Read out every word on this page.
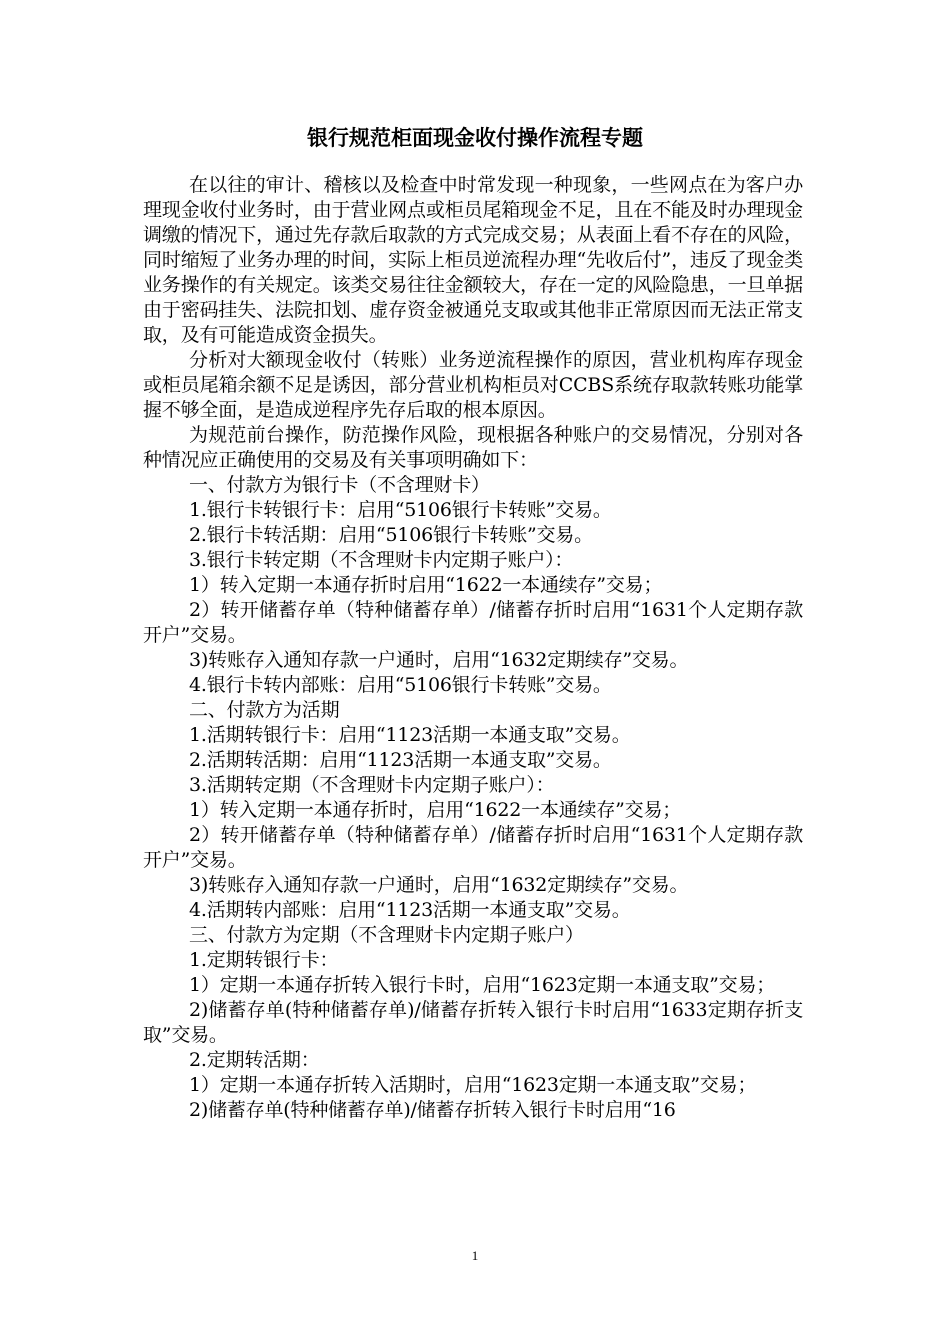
银行规范柜面现金收付操作流程专题

在以往的审计、稽核以及检查中时常发现一种现象，一些网点在为客户办理现金收付业务时，由于营业网点或柜员尾箱现金不足，且在不能及时办理现金调缴的情况下，通过先存款后取款的方式完成交易；从表面上看不存在的风险，同时缩短了业务办理的时间，实际上柜员逆流程办理“先收后付”，违反了现金类业务操作的有关规定。该类交易往往金额较大，存在一定的风险隐患，一旦单据由于密码挂失、法院扣划、虚存资金被通兑支取或其他非正常原因而无法正常支取，及有可能造成资金损失。

分析对大额现金收付（转账）业务逆流程操作的原因，营业机构库存现金或柜员尾箱余额不足是诱因，部分营业机构柜员对CCBS系统存取款转账功能掌握不够全面，是造成逆程序先存后取的根本原因。

为规范前台操作，防范操作风险，现根据各种账户的交易情况，分别对各种情况应正确使用的交易及有关事项明确如下：

一、付款方为银行卡（不含理财卡）

1.银行卡转银行卡：启用“5106银行卡转账”交易。

2.银行卡转活期：启用“5106银行卡转账”交易。

3.银行卡转定期（不含理财卡内定期子账户）：

1）转入定期一本通存折时启用“1622一本通续存”交易；

2）转开储蓄存单（特种储蓄存单）/储蓄存折时启用“1631个人定期存款开户”交易。

3)转账存入通知存款一户通时，启用“1632定期续存”交易。

4.银行卡转内部账：启用“5106银行卡转账”交易。

二、付款方为活期

1.活期转银行卡：启用“1123活期一本通支取”交易。

2.活期转活期：启用“1123活期一本通支取”交易。

3.活期转定期（不含理财卡内定期子账户）：

1）转入定期一本通存折时，启用“1622一本通续存”交易；

2）转开储蓄存单（特种储蓄存单）/储蓄存折时启用“1631个人定期存款开户”交易。

3)转账存入通知存款一户通时，启用“1632定期续存”交易。

4.活期转内部账：启用“1123活期一本通支取”交易。

三、付款方为定期（不含理财卡内定期子账户）

1.定期转银行卡：

1）定期一本通存折转入银行卡时，启用“1623定期一本通支取”交易；

2)储蓄存单(特种储蓄存单)/储蓄存折转入银行卡时启用“1633定期存折支取”交易。

2.定期转活期：

1）定期一本通存折转入活期时，启用“1623定期一本通支取”交易；

2)储蓄存单(特种储蓄存单)/储蓄存折转入银行卡时启用“16

1
